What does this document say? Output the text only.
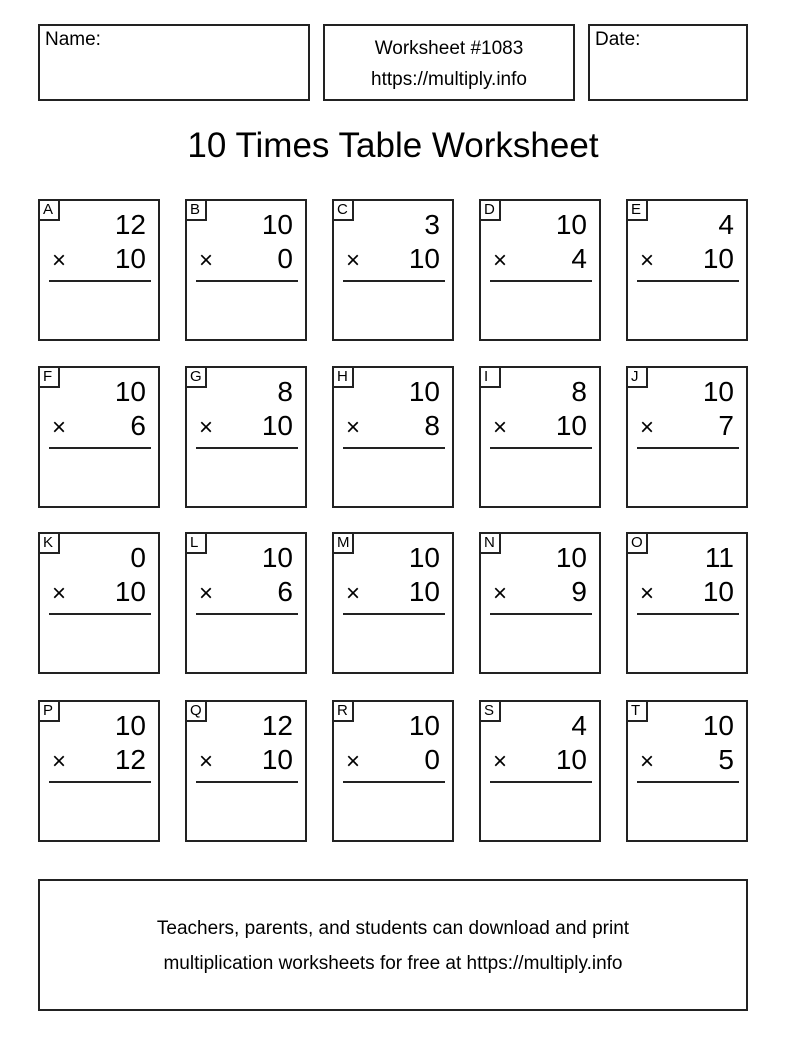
Name:	Worksheet #1083
https://multiply.info
Date:
10 Times Table Worksheet
A 12
× 10
B 10
× 0
C	3
× 10
D 10
× 4
E	4
× 10
F 10
× 6
G	8
× 10
H 10
× 8
I	8
× 10
J	10
× 7
K	0
× 10
L	10
× 6
M 10
× 10
N 10
× 9
O 11
× 10
P 10
× 12
Q 12
× 10
R 10
× 0
S	4
× 10
T 10
× 5
Teachers, parents, and students can download and print
multiplication worksheets for free at https://multiply.info
